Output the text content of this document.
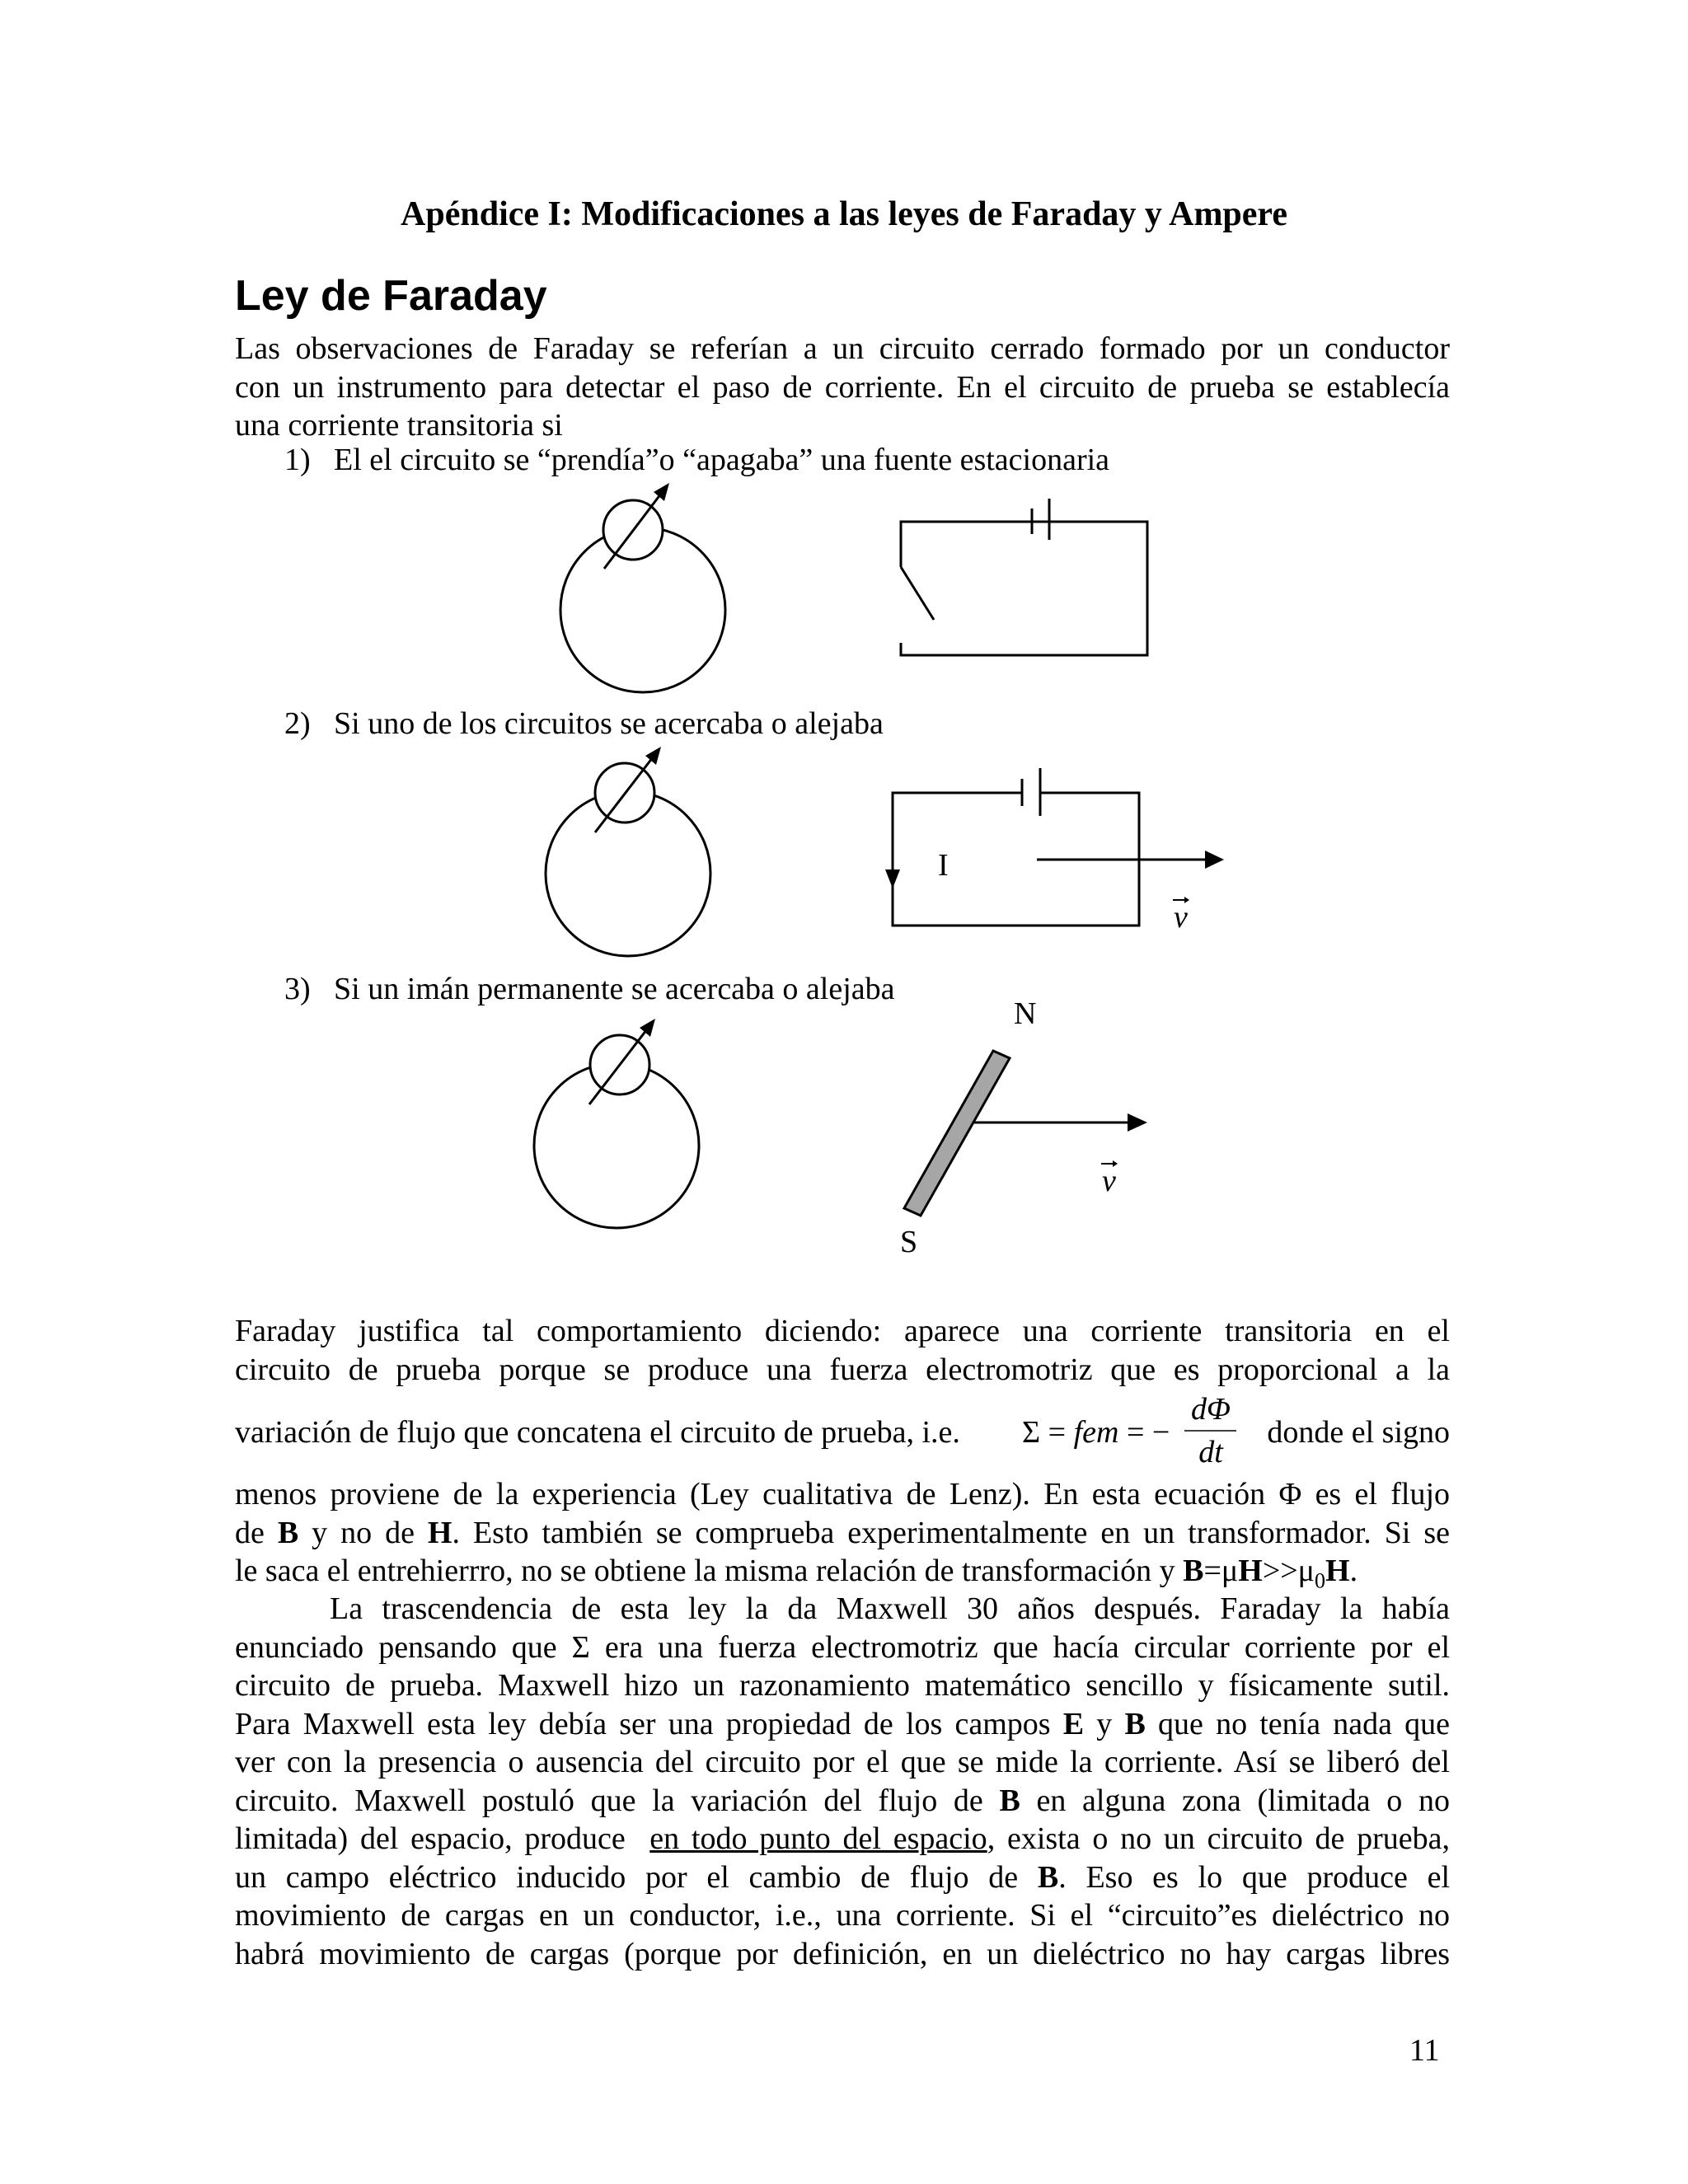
Apéndice I: Modificaciones a las leyes de Faraday y Ampere
Ley de Faraday
Las observaciones de Faraday se referían a un circuito cerrado formado por un conductor
con un instrumento para detectar el paso de corriente. En el circuito de prueba se establecía
una corriente transitoria si
1) El el circuito se “prendía”o “apagaba” una fuente estacionaria
2) Si uno de los circuitos se acercaba o alejaba
3) Si un imán permanente se acercaba o alejaba
I
v
N
S
v
Faraday justifica tal comportamiento diciendo: aparece una corriente transitoria en el
circuito de prueba porque se produce una fuerza electromotriz que es proporcional a la
variación de flujo que concatena el circuito de prueba, i.e. Σ = fem = −
dΦ
dt
donde el signo
menos proviene de la experiencia (Ley cualitativa de Lenz). En esta ecuación Φ es el flujo
de B y no de H. Esto también se comprueba experimentalmente en un transformador. Si se
le saca el entrehierrro, no se obtiene la misma relación de transformación y $B=\mu H>>\mu_0H$.
La trascendencia de esta ley la da Maxwell 30 años después. Faraday la había
enunciado pensando que Σ era una fuerza electromotriz que hacía circular corriente por el
circuito de prueba. Maxwell hizo un razonamiento matemático sencillo y físicamente sutil.
Para Maxwell esta ley debía ser una propiedad de los campos E y B que no tenía nada que
ver con la presencia o ausencia del circuito por el que se mide la corriente. Así se liberó del
circuito. Maxwell postuló que la variación del flujo de B en alguna zona (limitada o no
limitada) del espacio, produce en todo punto del espacio, exista o no un circuito de prueba,
un campo eléctrico inducido por el cambio de flujo de B. Eso es lo que produce el
movimiento de cargas en un conductor, i.e., una corriente. Si el “circuito”es dieléctrico no
habrá movimiento de cargas (porque por definición, en un dieléctrico no hay cargas libres
11
